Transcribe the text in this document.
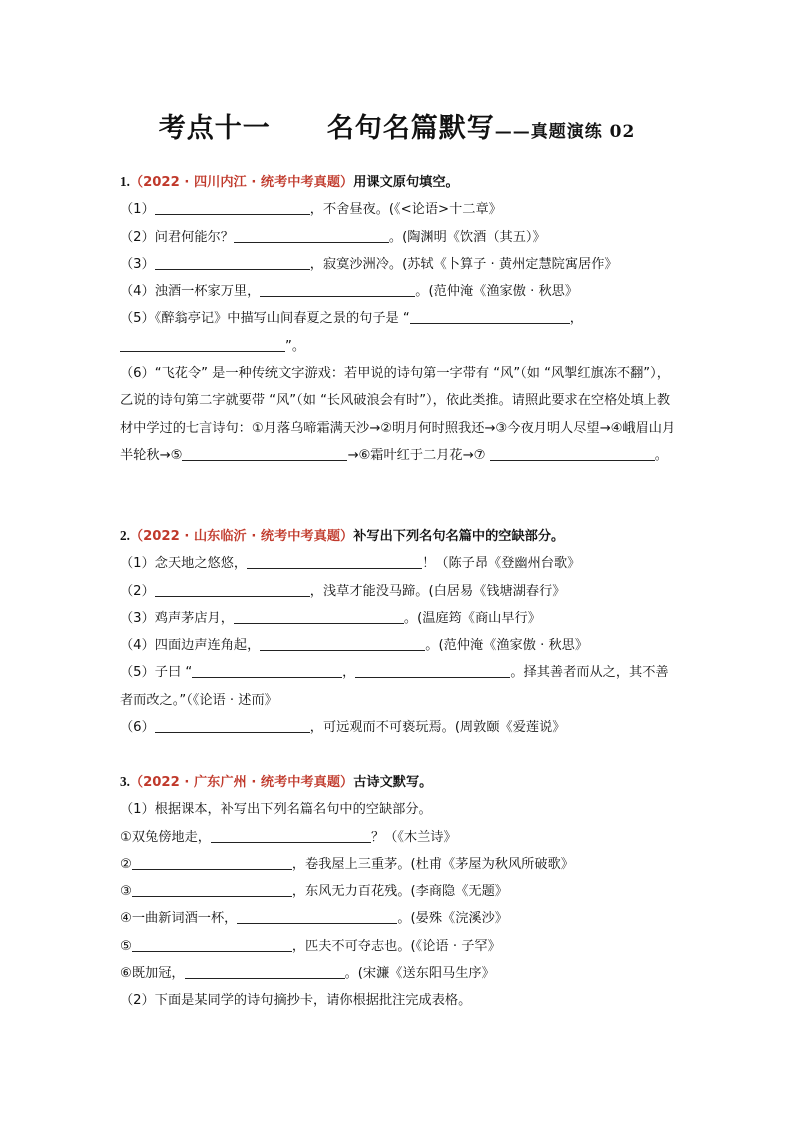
考点十一 名句名篇默写——真题演练 02
1.（2022 · 四川内江 · 统考中考真题）用课文原句填空。
（1）	，不舍昼夜。(《<论语>十二章》
（2）问君何能尔？	。(陶渊明《饮酒（其五）》
（3）	，寂寞沙洲冷。(苏轼《卜算子 · 黄州定慧院寓居作》
（4）浊酒一杯家万里，	。(范仲淹《渔家傲 · 秋思》
（5）《醉翁亭记》中描写山间春夏之景的句子是 “	，
”。
（6）“飞花令” 是一种传统文字游戏：若甲说的诗句第一字带有 “风”（如 “风掣红旗冻不翻”），乙说的诗句第二字就要带 “风”（如 “长风破浪会有时”），依此类推。请照此要求在空格处填上教材中学过的七言诗句：①月落乌啼霜满天沙→②明月何时照我还→③今夜月明人尽望→④峨眉山月半轮秋→⑤	→⑥霜叶红于二月花→⑦	。
2.（2022 · 山东临沂 · 统考中考真题）补写出下列名句名篇中的空缺部分。
（1）念天地之悠悠，	！（陈子昂《登幽州台歌》
（2）	，浅草才能没马蹄。(白居易《钱塘湖春行》
（3）鸡声茅店月，	。(温庭筠《商山早行》
（4）四面边声连角起，	。(范仲淹《渔家傲 · 秋思》
（5）子曰 “	，	。择其善者而从之，其不善者而改之。”（《论语 · 述而》
（6）	，可远观而不可亵玩焉。(周敦颐《爱莲说》
3.（2022 · 广东广州 · 统考中考真题）古诗文默写。
（1）根据课本，补写出下列名篇名句中的空缺部分。
①双兔傍地走，	？（《木兰诗》
②	，卷我屋上三重茅。(杜甫《茅屋为秋风所破歌》
③	，东风无力百花残。(李商隐《无题》
④一曲新词酒一杯，	。(晏殊《浣溪沙》
⑤	，匹夫不可夺志也。(《论语 · 子罕》
⑥既加冠，	。(宋濂《送东阳马生序》
（2）下面是某同学的诗句摘抄卡，请你根据批注完成表格。
